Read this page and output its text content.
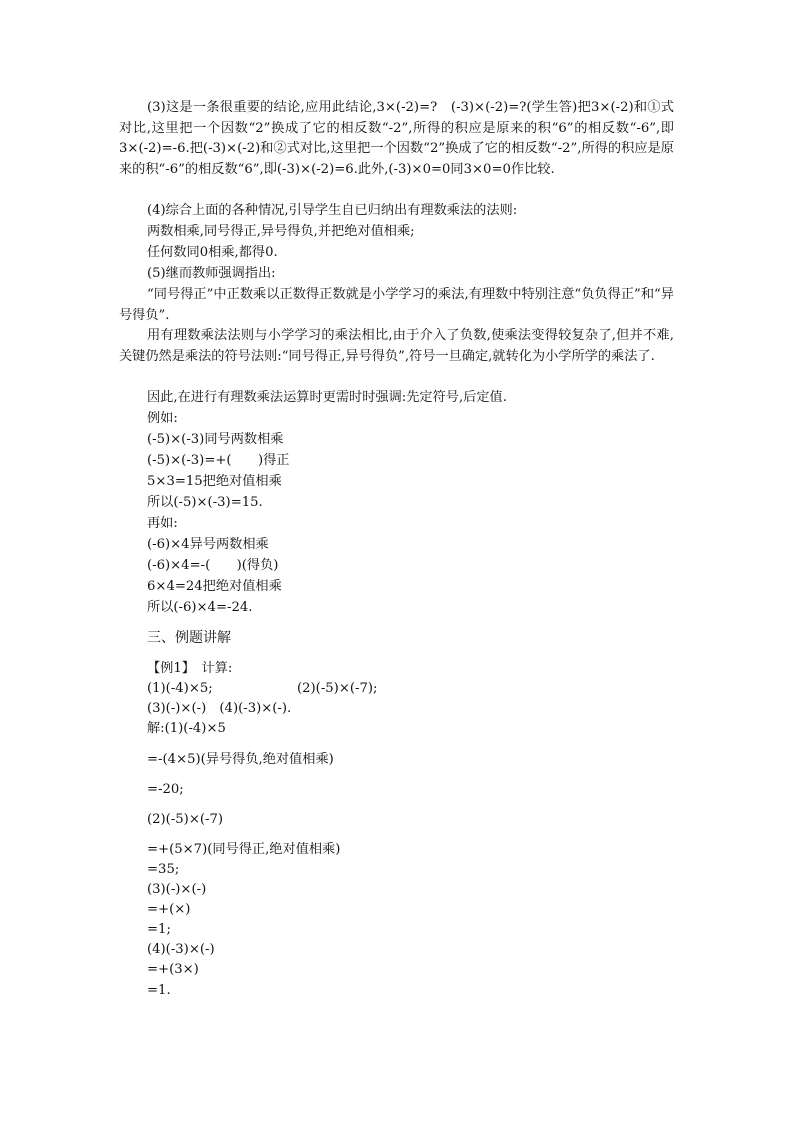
(3)这是一条很重要的结论,应用此结论,3×(-2)=?　(-3)×(-2)=?(学生答)把3×(-2)和①式对比,这里把一个因数“2”换成了它的相反数“-2”,所得的积应是原来的积“6”的相反数“-6”,即3×(-2)=-6.把(-3)×(-2)和②式对比,这里把一个因数“2”换成了它的相反数“-2”,所得的积应是原来的积“-6”的相反数“6”,即(-3)×(-2)=6.此外,(-3)×0=0同3×0=0作比较.
(4)综合上面的各种情况,引导学生自已归纳出有理数乘法的法则:
两数相乘,同号得正,异号得负,并把绝对值相乘;
任何数同0相乘,都得0.
(5)继而教师强调指出:
“同号得正”中正数乘以正数得正数就是小学学习的乘法,有理数中特别注意“负负得正”和“异号得负”.
用有理数乘法法则与小学学习的乘法相比,由于介入了负数,使乘法变得较复杂了,但并不难,关键仍然是乘法的符号法则:“同号得正,异号得负”,符号一旦确定,就转化为小学所学的乘法了.
因此,在进行有理数乘法运算时更需时时强调:先定符号,后定值.
例如:
(-5)×(-3)同号两数相乘
(-5)×(-3)=+(　　)得正
5×3=15把绝对值相乘
所以(-5)×(-3)=15.
再如:
(-6)×4异号两数相乘
(-6)×4=-(　　)(得负)
6×4=24把绝对值相乘
所以(-6)×4=-24.
三、例题讲解
【例1】　计算:
(1)(-4)×5;	(2)(-5)×(-7);
(3)(-)×(-)　(4)(-3)×(-).
解:(1)(-4)×5
=-(4×5)(异号得负,绝对值相乘)
=-20;
(2)(-5)×(-7)
=+(5×7)(同号得正,绝对值相乘)
=35;
(3)(-)×(-)
=+(×)
=1;
(4)(-3)×(-)
=+(3×)
=1.
